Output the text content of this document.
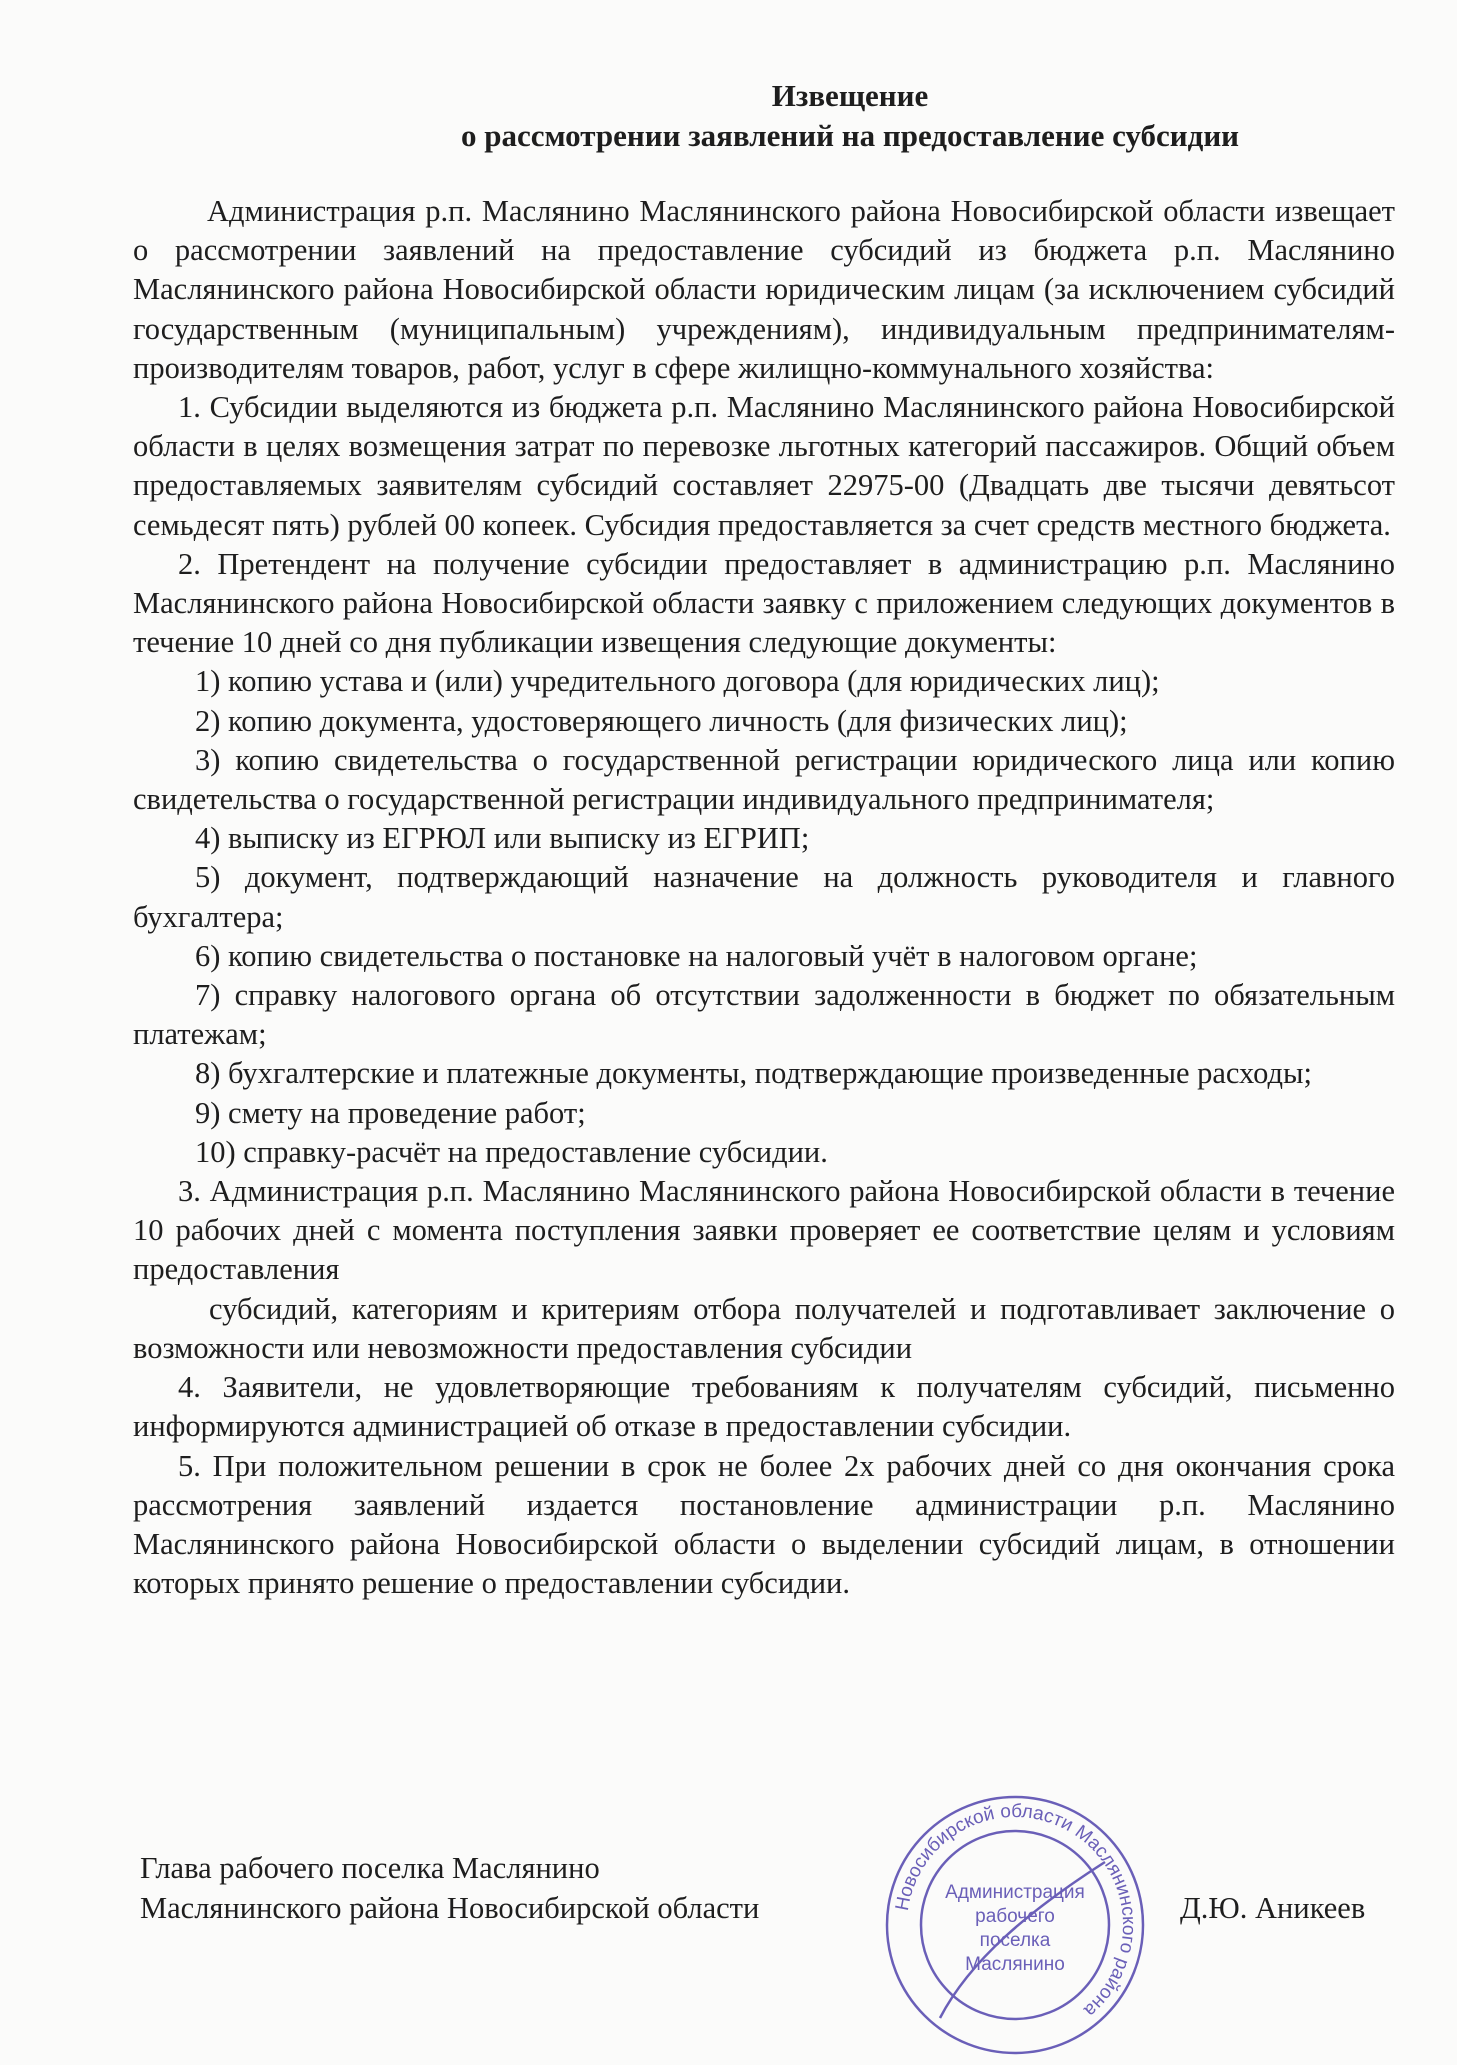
Извещение
о рассмотрении заявлений на предоставление субсидии

Администрация р.п. Маслянино Маслянинского района Новосибирской области извещает о рассмотрении заявлений на предоставление субсидий из бюджета р.п. Маслянино Маслянинского района Новосибирской области юридическим лицам (за исключением субсидий государственным (муниципальным) учреждениям), индивидуальным предпринимателям-производителям товаров, работ, услуг в сфере жилищно-коммунального хозяйства:

1. Субсидии выделяются из бюджета р.п. Маслянино Маслянинского района Новосибирской области в целях возмещения затрат по перевозке льготных категорий пассажиров. Общий объем предоставляемых заявителям субсидий составляет 22975-00 (Двадцать две тысячи девятьсот семьдесят пять) рублей 00 копеек. Субсидия предоставляется за счет средств местного бюджета.

2. Претендент на получение субсидии предоставляет в администрацию р.п. Маслянино Маслянинского района Новосибирской области заявку с приложением следующих документов в течение 10 дней со дня публикации извещения следующие документы:

1) копию устава и (или) учредительного договора (для юридических лиц);

2) копию документа, удостоверяющего личность (для физических лиц);

3) копию свидетельства о государственной регистрации юридического лица или копию свидетельства о государственной регистрации индивидуального предпринимателя;

4) выписку из ЕГРЮЛ или выписку из ЕГРИП;

5) документ, подтверждающий назначение на должность руководителя и главного бухгалтера;

6) копию свидетельства о постановке на налоговый учёт в налоговом органе;

7) справку налогового органа об отсутствии задолженности в бюджет по обязательным платежам;

8) бухгалтерские и платежные документы, подтверждающие произведенные расходы;

9) смету на проведение работ;

10) справку-расчёт на предоставление субсидии.

3. Администрация р.п. Маслянино Маслянинского района Новосибирской области в течение 10 рабочих дней с момента поступления заявки проверяет ее соответствие целям и условиям предоставления

субсидий, категориям и критериям отбора получателей и подготавливает заключение о возможности или невозможности предоставления субсидии

4. Заявители, не удовлетворяющие требованиям к получателям субсидий, письменно информируются администрацией об отказе в предоставлении субсидии.

5. При положительном решении в срок не более 2х рабочих дней со дня окончания срока рассмотрения заявлений издается постановление администрации р.п. Маслянино Маслянинского района Новосибирской области о выделении субсидий лицам, в отношении которых принято решение о предоставлении субсидии.

Глава рабочего поселка Маслянино
Маслянинского района Новосибирской области	Д.Ю. Аникеев
Новосибирской области Маслянинского района
Администрация
рабочего
поселка
Маслянино
